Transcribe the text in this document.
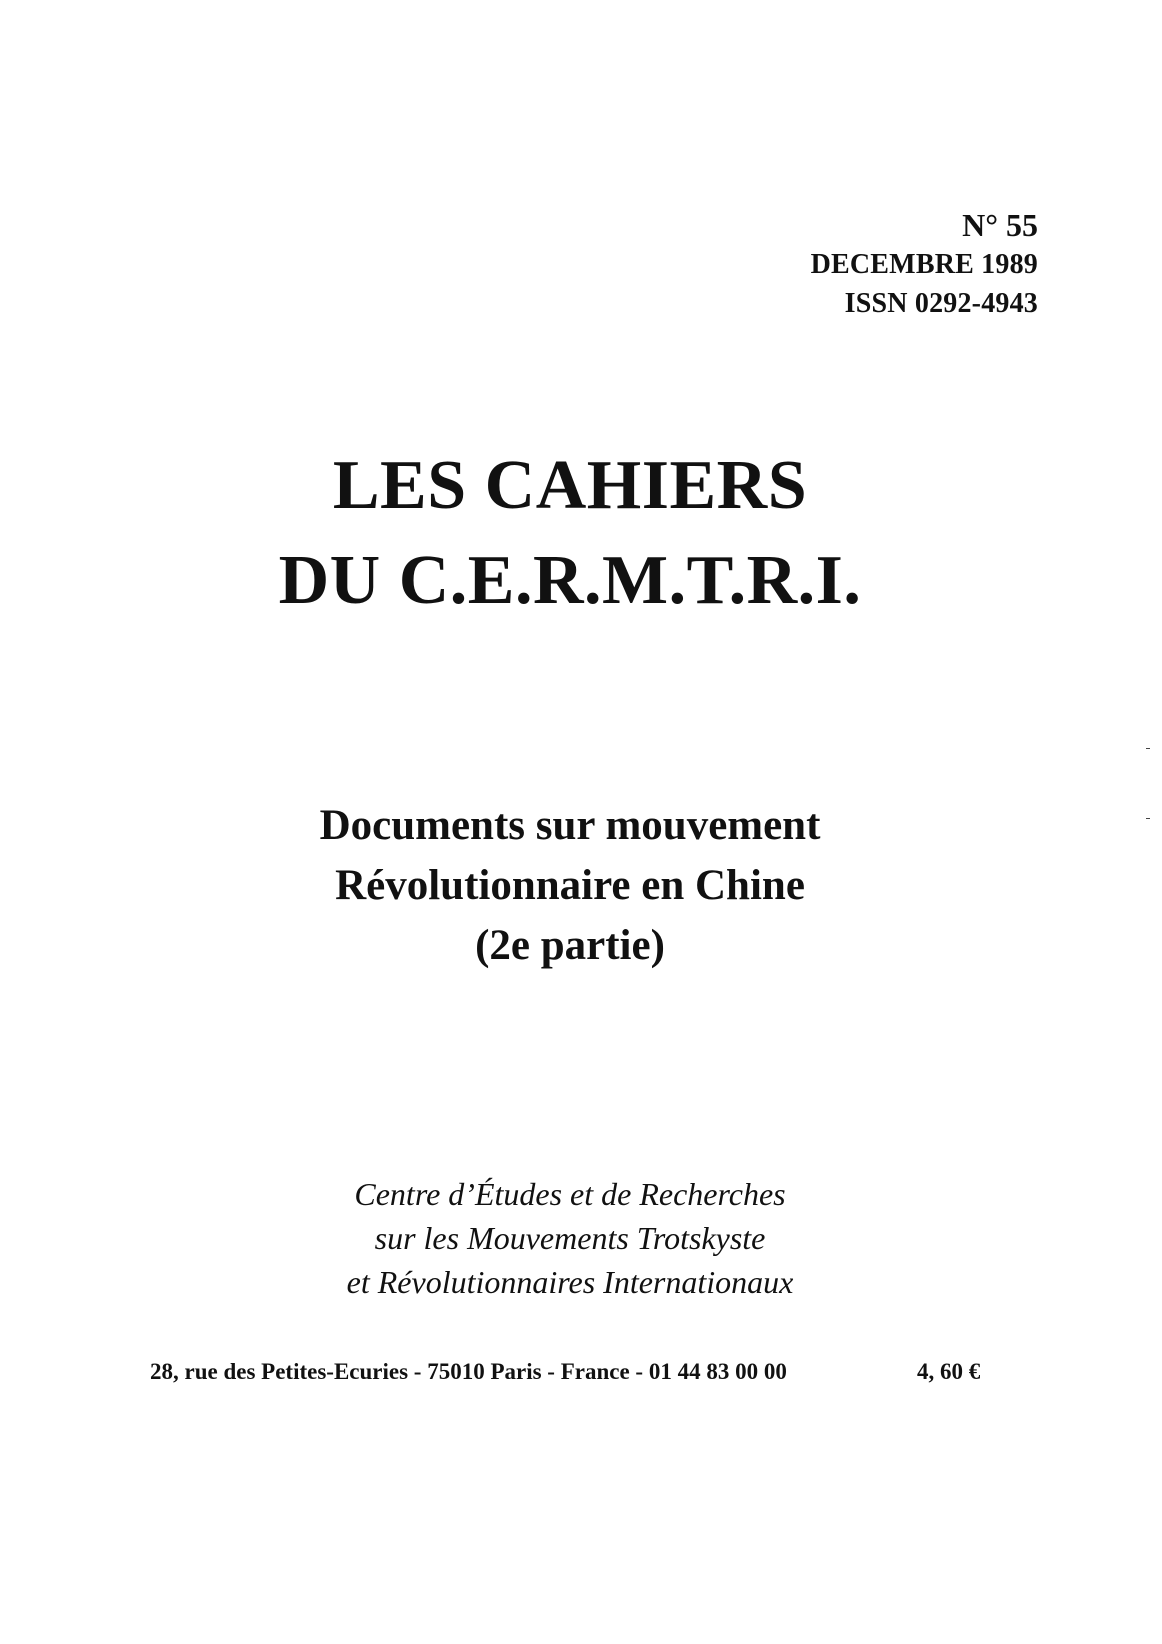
N° 55
DECEMBRE 1989
ISSN 0292-4943
LES CAHIERS
DU C.E.R.M.T.R.I.
Documents sur mouvement
Révolutionnaire en Chine
(2e partie)
Centre d’Études et de Recherches
sur les Mouvements Trotskyste
et Révolutionnaires Internationaux
28, rue des Petites-Ecuries - 75010 Paris - France - 01 44 83 00 00	4, 60 €
